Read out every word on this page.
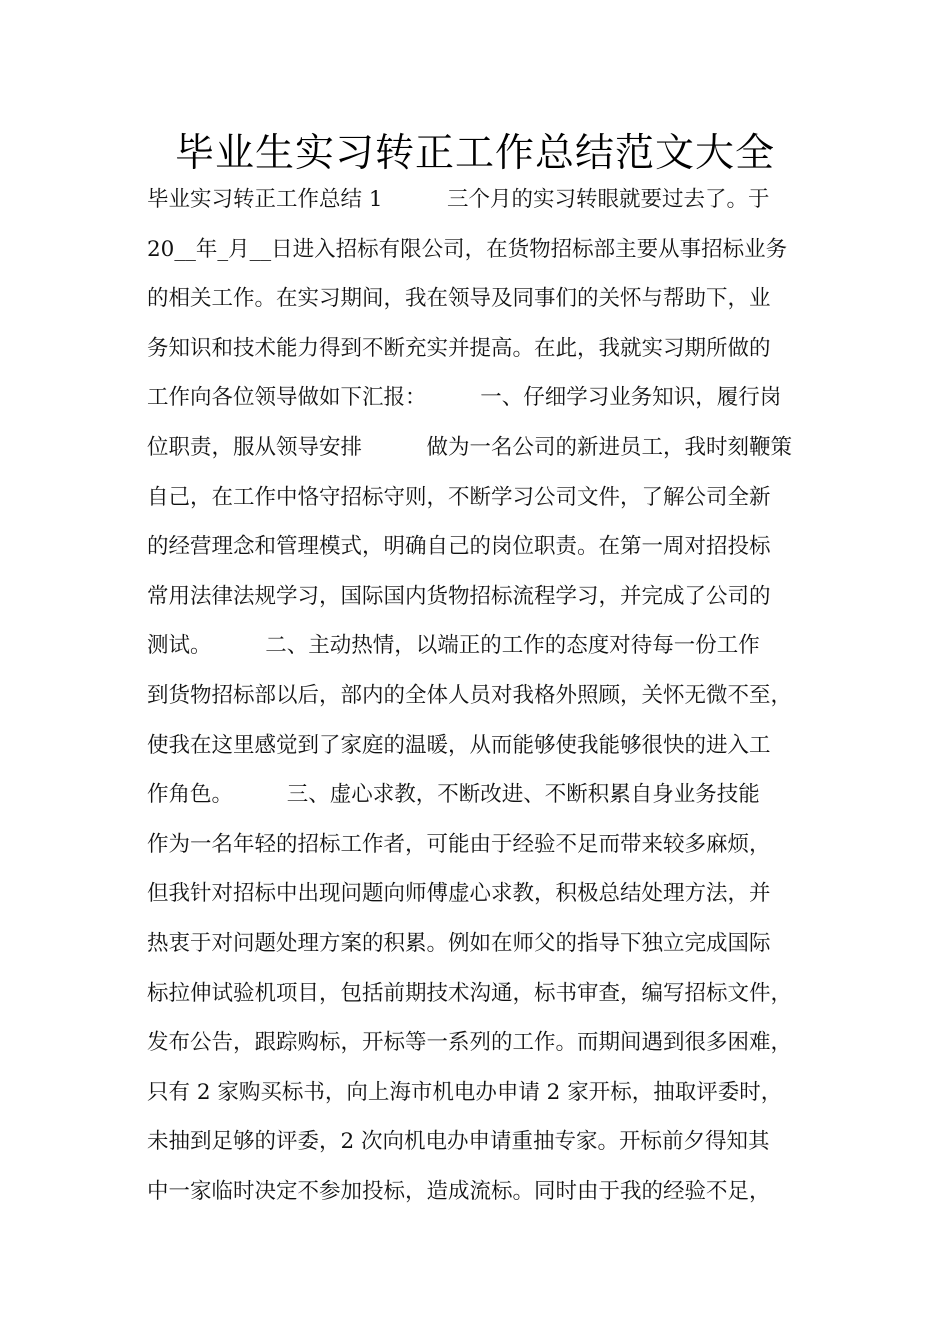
毕业生实习转正工作总结范文大全
毕业实习转正工作总结 1　　　三个月的实习转眼就要过去了。于
20__年_月__日进入招标有限公司，在货物招标部主要从事招标业务
的相关工作。在实习期间，我在领导及同事们的关怀与帮助下，业
务知识和技术能力得到不断充实并提高。在此，我就实习期所做的
工作向各位领导做如下汇报：　　　一、仔细学习业务知识，履行岗
位职责，服从领导安排　　　做为一名公司的新进员工，我时刻鞭策
自己，在工作中恪守招标守则，不断学习公司文件，了解公司全新
的经营理念和管理模式，明确自己的岗位职责。在第一周对招投标
常用法律法规学习，国际国内货物招标流程学习，并完成了公司的
测试。　　　二、主动热情，以端正的工作的态度对待每一份工作
到货物招标部以后，部内的全体人员对我格外照顾，关怀无微不至，
使我在这里感觉到了家庭的温暖，从而能够使我能够很快的进入工
作角色。　　　三、虚心求教，不断改进、不断积累自身业务技能
作为一名年轻的招标工作者，可能由于经验不足而带来较多麻烦，
但我针对招标中出现问题向师傅虚心求教，积极总结处理方法，并
热衷于对问题处理方案的积累。例如在师父的指导下独立完成国际
标拉伸试验机项目，包括前期技术沟通，标书审查，编写招标文件，
发布公告，跟踪购标，开标等一系列的工作。而期间遇到很多困难，
只有 2 家购买标书，向上海市机电办申请 2 家开标，抽取评委时，
未抽到足够的评委，2 次向机电办申请重抽专家。开标前夕得知其
中一家临时决定不参加投标，造成流标。同时由于我的经验不足，
